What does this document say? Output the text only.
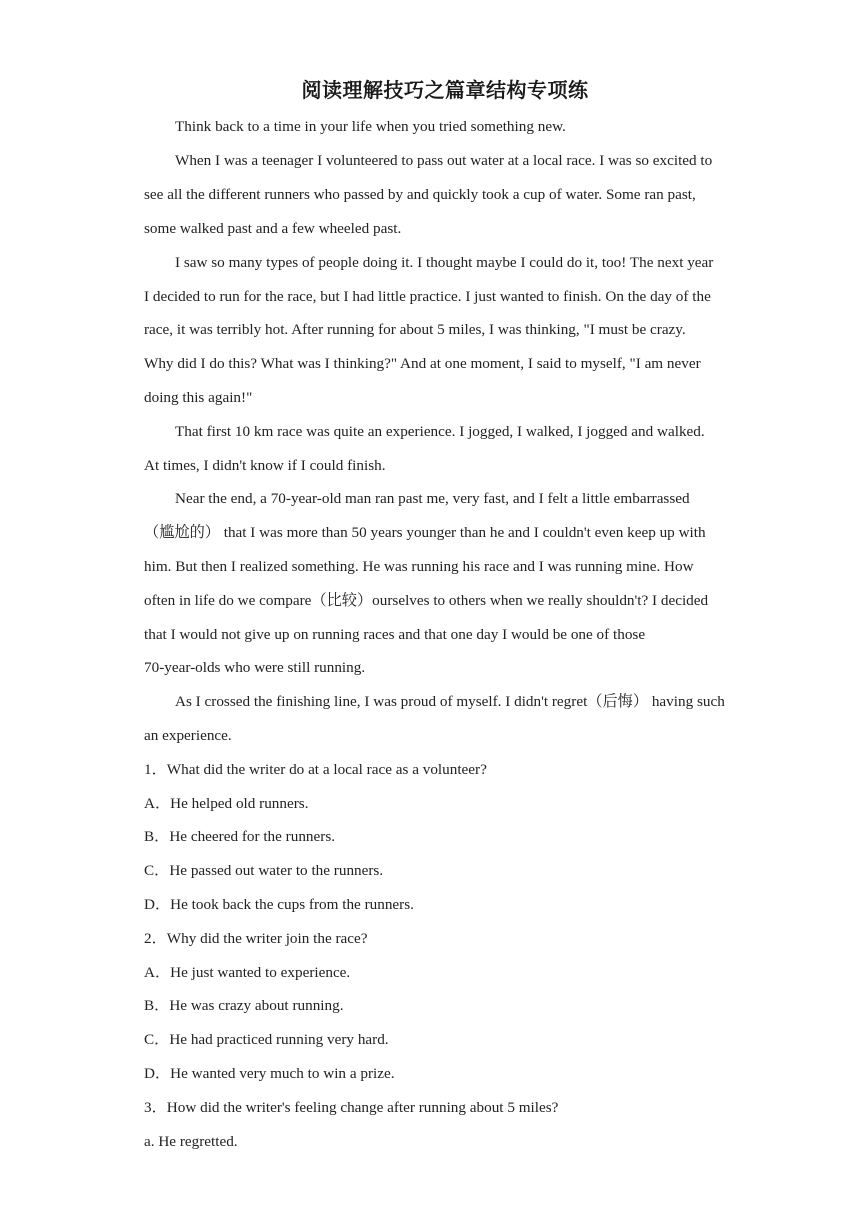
阅读理解技巧之篇章结构专项练
Think back to a time in your life when you tried something new.
When I was a teenager I volunteered to pass out water at a local race. I was so excited to
see all the different runners who passed by and quickly took a cup of water. Some ran past,
some walked past and a few wheeled past.
I saw so many types of people doing it. I thought maybe I could do it, too! The next year
I decided to run for the race, but I had little practice. I just wanted to finish. On the day of the
race, it was terribly hot. After running for about 5 miles, I was thinking, "I must be crazy.
Why did I do this? What was I thinking?" And at one moment, I said to myself, "I am never
doing this again!"
That first 10 km race was quite an experience. I jogged, I walked, I jogged and walked.
At times, I didn't know if I could finish.
Near the end, a 70-year-old man ran past me, very fast, and I felt a little embarrassed
（尴尬的） that I was more than 50 years younger than he and I couldn't even keep up with
him. But then I realized something. He was running his race and I was running mine. How
often in life do we compare（比较）ourselves to others when we really shouldn't? I decided
that I would not give up on running races and that one day I would be one of those
70-year-olds who were still running.
As I crossed the finishing line, I was proud of myself. I didn't regret（后悔） having such
an experience.
1．What did the writer do at a local race as a volunteer?
A．He helped old runners.
B．He cheered for the runners.
C．He passed out water to the runners.
D．He took back the cups from the runners.
2．Why did the writer join the race?
A．He just wanted to experience.
B．He was crazy about running.
C．He had practiced running very hard.
D．He wanted very much to win a prize.
3．How did the writer's feeling change after running about 5 miles?
a. He regretted.
